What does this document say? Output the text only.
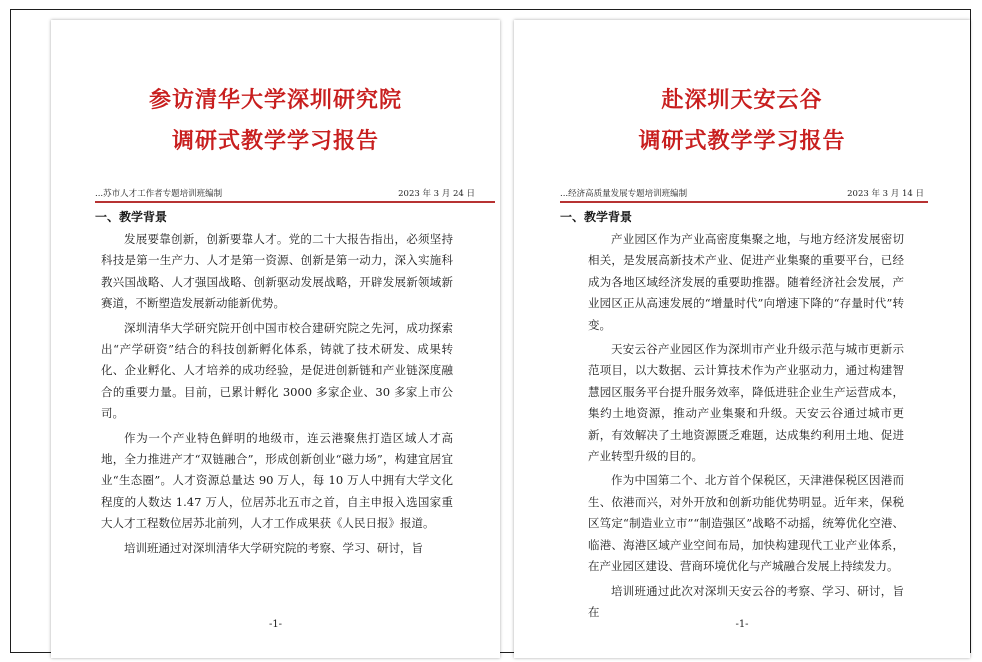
参访清华大学深圳研究院
调研式教学学习报告
...苏市人才工作者专题培训班编制	2023 年 3 月 24 日
一、教学背景

发展要靠创新，创新要靠人才。党的二十大报告指出，必须坚持科技是第一生产力、人才是第一资源、创新是第一动力，深入实施科教兴国战略、人才强国战略、创新驱动发展战略，开辟发展新领域新赛道，不断塑造发展新动能新优势。

深圳清华大学研究院开创中国市校合建研究院之先河，成功探索出“产学研资”结合的科技创新孵化体系，铸就了技术研发、成果转化、企业孵化、人才培养的成功经验，是促进创新链和产业链深度融合的重要力量。目前，已累计孵化 3000 多家企业、30 多家上市公司。

作为一个产业特色鲜明的地级市，连云港聚焦打造区域人才高地，全力推进产才“双链融合”，形成创新创业“磁力场”，构建宜居宜业“生态圈”。人才资源总量达 90 万人，每 10 万人中拥有大学文化程度的人数达 1.47 万人，位居苏北五市之首，自主申报入选国家重大人才工程数位居苏北前列，人才工作成果获《人民日报》报道。

培训班通过对深圳清华大学研究院的考察、学习、研讨，旨

-1-
赴深圳天安云谷
调研式教学学习报告
...经济高质量发展专题培训班编制	2023 年 3 月 14 日
一、教学背景

产业园区作为产业高密度集聚之地，与地方经济发展密切相关，是发展高新技术产业、促进产业集聚的重要平台，已经成为各地区域经济发展的重要助推器。随着经济社会发展，产业园区正从高速发展的“增量时代”向增速下降的“存量时代”转变。

天安云谷产业园区作为深圳市产业升级示范与城市更新示范项目，以大数据、云计算技术作为产业驱动力，通过构建智慧园区服务平台提升服务效率，降低进驻企业生产运营成本，集约土地资源，推动产业集聚和升级。天安云谷通过城市更新，有效解决了土地资源匮乏难题，达成集约利用土地、促进产业转型升级的目的。

作为中国第二个、北方首个保税区，天津港保税区因港而生、依港而兴，对外开放和创新功能优势明显。近年来，保税区笃定“制造业立市”“制造强区”战略不动摇，统筹优化空港、临港、海港区域产业空间布局，加快构建现代工业产业体系，在产业园区建设、营商环境优化与产城融合发展上持续发力。

培训班通过此次对深圳天安云谷的考察、学习、研讨，旨在

-1-
